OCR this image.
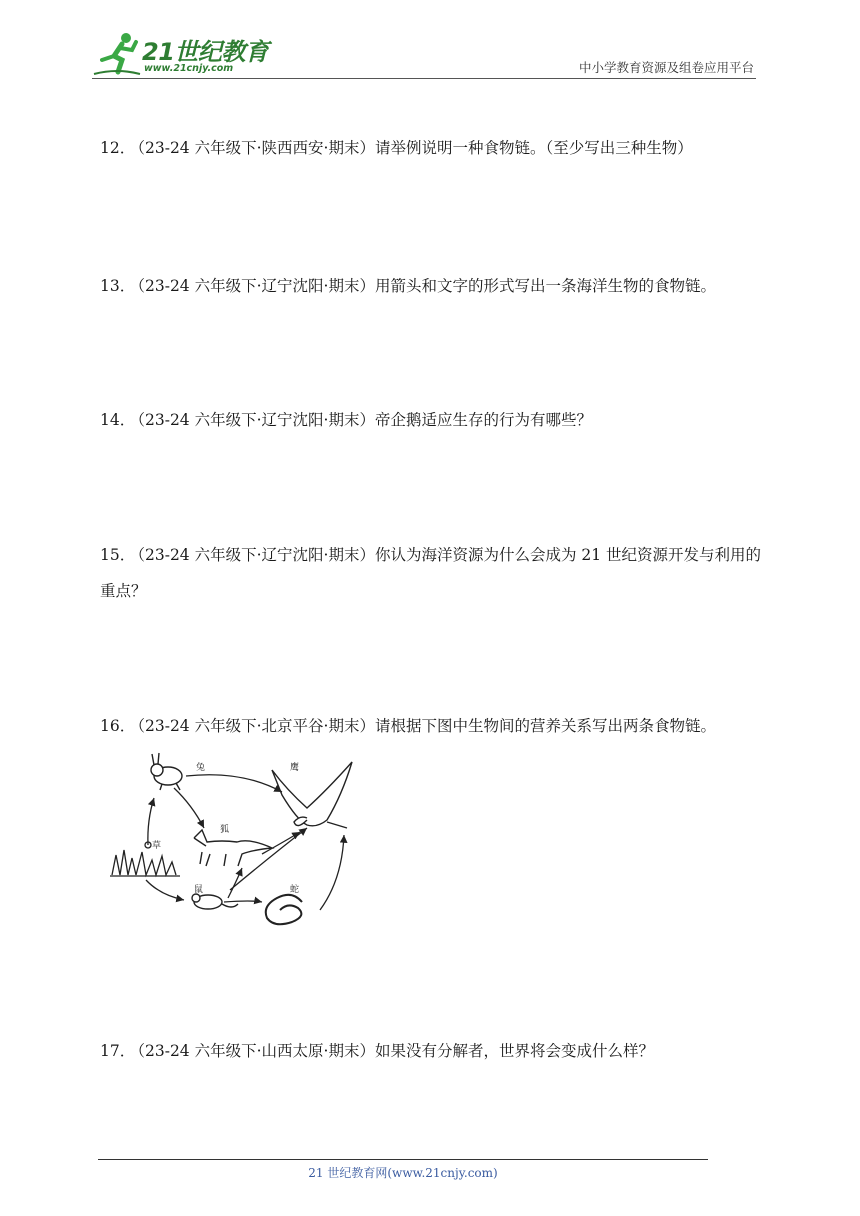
21世纪教育
www.21cnjy.com	中小学教育资源及组卷应用平台
12． （23-24 六年级下·陕西西安·期末）请举例说明一种食物链。（至少写出三种生物）
13． （23-24 六年级下·辽宁沈阳·期末）用箭头和文字的形式写出一条海洋生物的食物链。
14． （23-24 六年级下·辽宁沈阳·期末）帝企鹅适应生存的行为有哪些？
15． （23-24 六年级下·辽宁沈阳·期末）你认为海洋资源为什么会成为 21 世纪资源开发与利用的重点？
16． （23-24 六年级下·北京平谷·期末）请根据下图中生物间的营养关系写出两条食物链。
兔	鹰
狐
草
鼠	蛇
17． （23-24 六年级下·山西太原·期末）如果没有分解者，世界将会变成什么样？
21 世纪教育网(www.21cnjy.com)
